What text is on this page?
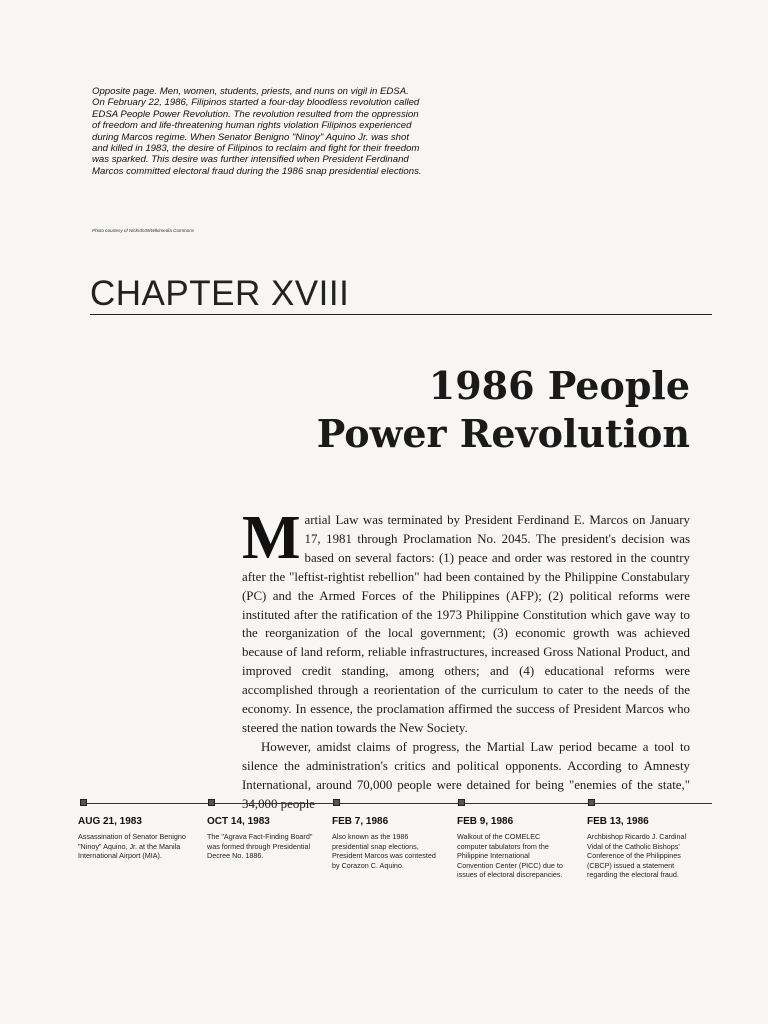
Opposite page. Men, women, students, priests, and nuns on vigil in EDSA. On February 22, 1986, Filipinos started a four-day bloodless revolution called EDSA People Power Revolution. The revolution resulted from the oppression of freedom and life-threatening human rights violation Filipinos experienced during Marcos regime. When Senator Benigno "Ninoy" Aquino Jr. was shot and killed in 1983, the desire of Filipinos to reclaim and fight for their freedom was sparked. This desire was further intensified when President Ferdinand Marcos committed electoral fraud during the 1986 snap presidential elections.
Photo courtesy of Nickrds09/Wikimedia Commons
CHAPTER XVIII
1986 People
Power Revolution

Martial Law was terminated by President Ferdinand E. Marcos on January 17, 1981 through Proclamation No. 2045. The president's decision was based on several factors: (1) peace and order was restored in the country after the "leftist-rightist rebellion" had been contained by the Philippine Constabulary (PC) and the Armed Forces of the Philippines (AFP); (2) political reforms were instituted after the ratification of the 1973 Philippine Constitution which gave way to the reorganization of the local government; (3) economic growth was achieved because of land reform, reliable infrastructures, increased Gross National Product, and improved credit standing, among others; and (4) educational reforms were accomplished through a reorientation of the curriculum to cater to the needs of the economy. In essence, the proclamation affirmed the success of President Marcos who steered the nation towards the New Society.

However, amidst claims of progress, the Martial Law period became a tool to silence the administration's critics and political opponents. According to Amnesty International, around 70,000 people were detained for being "enemies of the state," 34,000 people

AUG 21, 1983
Assassination of Senator Benigno "Ninoy" Aquino, Jr. at the Manila International Airport (MIA).
OCT 14, 1983
The "Agrava Fact-Finding Board" was formed through Presidential Decree No. 1886.
FEB 7, 1986
Also known as the 1986 presidential snap elections, President Marcos was contested by Corazon C. Aquino.
FEB 9, 1986
Walkout of the COMELEC computer tabulators from the Philippine International Convention Center (PICC) due to issues of electoral discrepancies.
FEB 13, 1986
Archbishop Ricardo J. Cardinal Vidal of the Catholic Bishops' Conference of the Philippines (CBCP) issued a statement regarding the electoral fraud.
